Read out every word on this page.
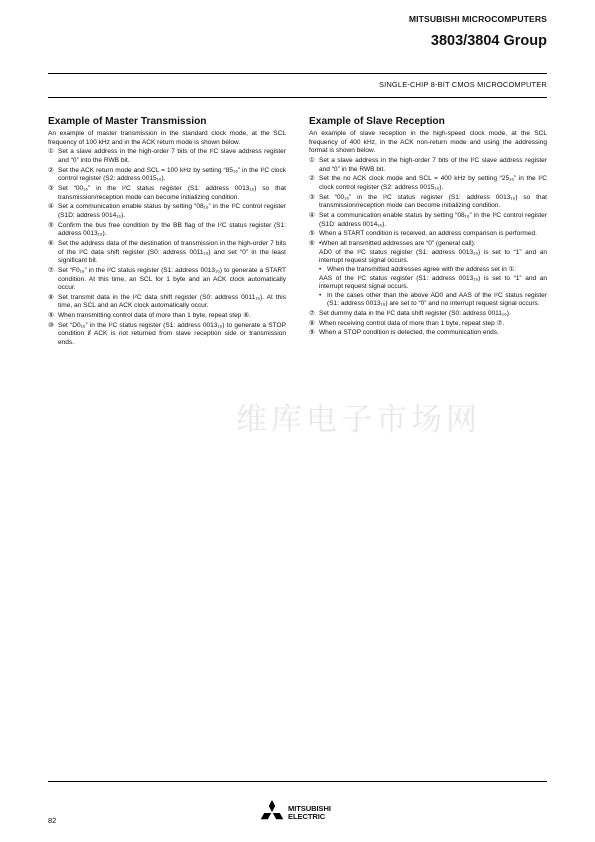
MITSUBISHI MICROCOMPUTERS
3803/3804 Group
SINGLE-CHIP 8-BIT CMOS MICROCOMPUTER
维库电子市场网
Example of Master Transmission

An example of master transmission in the standard clock mode, at the SCL frequency of 100 kHz and in the ACK return mode is shown below.

① Set a slave address in the high-order 7 bits of the I²C slave address register and “0” into the RWB bit.
② Set the ACK return mode and SCL = 100 kHz by setting “85₁₆” in the I²C clock control register (S2: address 0015₁₆).
③ Set “00₁₆” in the I²C status register (S1: address 0013₁₆) so that transmission/reception mode can become initializing condition.
④ Set a communication enable status by setting “08₁₆” in the I²C control register (S1D: address 0014₁₆).
⑤ Confirm the bus free condition by the BB flag of the I²C status register (S1: address 0013₁₆).
⑥ Set the address data of the destination of transmission in the high-order 7 bits of the I²C data shift register (S0: address 0011₁₆) and set “0” in the least significant bit.
⑦ Set “F0₁₆” in the I²C status register (S1: address 0013₁₆) to generate a START condition. At this time, an SCL for 1 byte and an ACK clock automatically occur.
⑧ Set transmit data in the I²C data shift register (S0: address 0011₁₆). At this time, an SCL and an ACK clock automatically occur.
⑨ When transmitting control data of more than 1 byte, repeat step ⑧.
⑩ Set “D0₁₆” in the I²C status register (S1: address 0013₁₆) to generate a STOP condition if ACK is not returned from slave reception side or transmission ends.
Example of Slave Reception

An example of slave reception in the high-speed clock mode, at the SCL frequency of 400 kHz, in the ACK non-return mode and using the addressing format is shown below.

① Set a slave address in the high-order 7 bits of the I²C slave address register and “0” in the RWB bit.
② Set the no ACK clock mode and SCL = 400 kHz by setting “25₁₆” in the I²C clock control register (S2: address 0015₁₆).
③ Set “00₁₆” in the I²C status register (S1: address 0013₁₆) so that transmission/reception mode can become initializing condition.
④ Set a communication enable status by setting “08₁₆” in the I²C control register (S1D: address 0014₁₆).
⑤ When a START condition is received, an address comparison is performed.
⑥ •When all transmitted addresses are “0” (general call):

AD0 of the I²C status register (S1: address 0013₁₆) is set to “1” and an interrupt request signal occurs.

• When the transmitted addresses agree with the address set in ①:

AAS of the I²C status register (S1: address 0013₁₆) is set to “1” and an interrupt request signal occurs.

• In the cases other than the above AD0 and AAS of the I²C status register (S1: address 0013₁₆) are set to “0” and no interrupt request signal occurs.
⑦ Set dummy data in the I²C data shift register (S0: address 0011₁₆).
⑧ When receiving control data of more than 1 byte, repeat step ⑦.
⑨ When a STOP condition is detected, the communication ends.
82
MITSUBISHI
ELECTRIC
